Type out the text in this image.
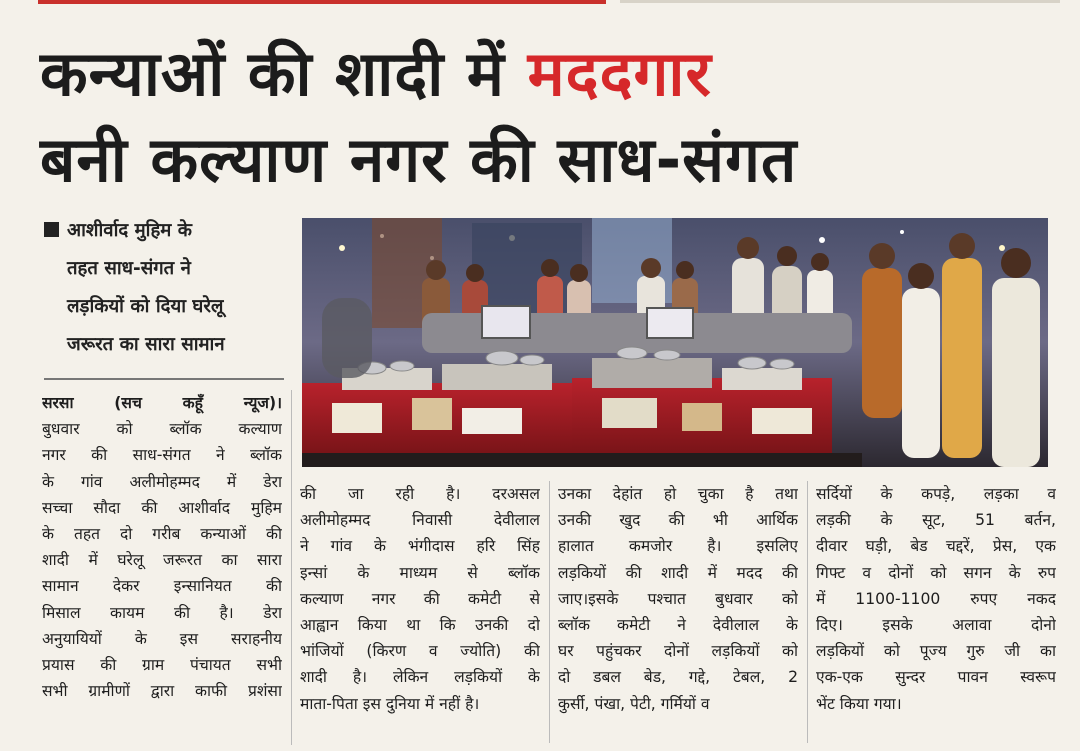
कन्याओं की शादी में मददगार
बनी कल्याण नगर की साध-संगत
आशीर्वाद मुहिम के
तहत साध-संगत ने
लड़कियों को दिया घरेलू
जरूरत का सारा सामान
सरसा (सच कहूँ न्यूज)।
बुधवार को ब्लॉक कल्याण
नगर की साध-संगत ने ब्लॉक
के गांव अलीमोहम्मद में डेरा
सच्चा सौदा की आशीर्वाद मुहिम
के तहत दो गरीब कन्याओं की
शादी में घरेलू जरूरत का सारा
सामान देकर इन्सानियत की
मिसाल कायम की है। डेरा
अनुयायियों के इस सराहनीय
प्रयास की ग्राम पंचायत सभी
सभी ग्रामीणों द्वारा काफी प्रशंसा
की जा रही है। दरअसल
अलीमोहम्मद निवासी देवीलाल
ने गांव के भंगीदास हरि सिंह
इन्सां के माध्यम से ब्लॉक
कल्याण नगर की कमेटी से
आह्वान किया था कि उनकी दो
भांजियों (किरण व ज्योति) की
शादी है। लेकिन लड़कियों के
माता-पिता इस दुनिया में नहीं है।
उनका देहांत हो चुका है तथा
उनकी खुद की भी आर्थिक
हालात कमजोर है। इसलिए
लड़कियों की शादी में मदद की
जाए।इसके पश्चात बुधवार को
ब्लॉक कमेटी ने देवीलाल के
घर पहुंचकर दोनों लड़कियों को
दो डबल बेड, गद्दे, टेबल, 2
कुर्सी, पंखा, पेटी, गर्मियों व
सर्दियों के कपड़े, लड़का व
लड़की के सूट, 51 बर्तन,
दीवार घड़ी, बेड चद्दरें, प्रेस, एक
गिफ्ट व दोनों को सगन के रुप
में 1100-1100 रुपए नकद
दिए। इसके अलावा दोनो
लड़कियों को पूज्य गुरु जी का
एक-एक सुन्दर पावन स्वरूप
भेंट किया गया।
